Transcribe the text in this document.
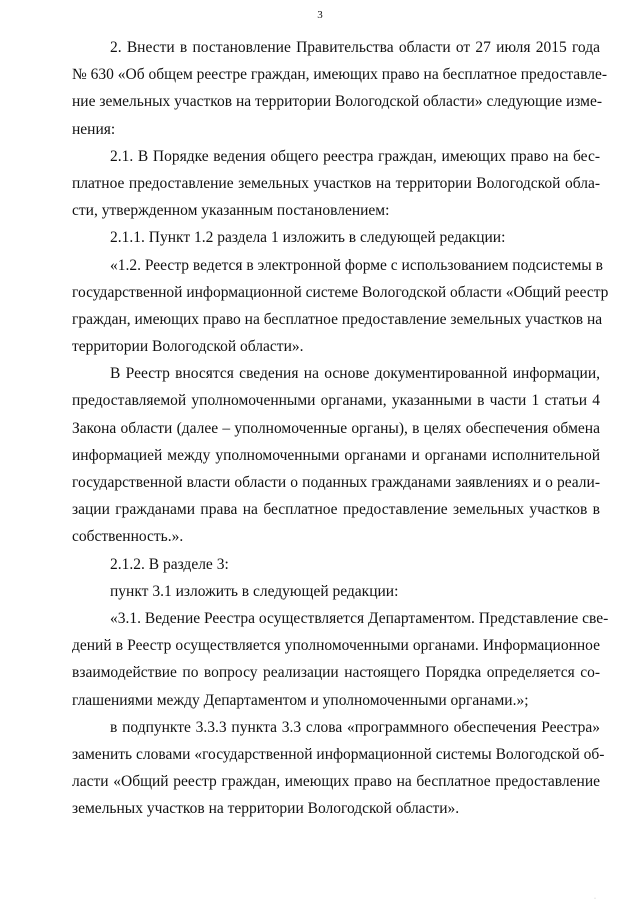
3
2. Внести в постановление Правительства области от 27 июля 2015 года
№ 630 «Об общем реестре граждан, имеющих право на бесплатное предоставле-
ние земельных участков на территории Вологодской области» следующие изме-
нения:
2.1. В Порядке ведения общего реестра граждан, имеющих право на бес-
платное предоставление земельных участков на территории Вологодской обла-
сти, утвержденном указанным постановлением:
2.1.1. Пункт 1.2 раздела 1 изложить в следующей редакции:
«1.2. Реестр ведется в электронной форме с использованием подсистемы в
государственной информационной системе Вологодской области «Общий реестр
граждан, имеющих право на бесплатное предоставление земельных участков на
территории Вологодской области».
В Реестр вносятся сведения на основе документированной информации,
предоставляемой уполномоченными органами, указанными в части 1 статьи 4
Закона области (далее – уполномоченные органы), в целях обеспечения обмена
информацией между уполномоченными органами и органами исполнительной
государственной власти области о поданных гражданами заявлениях и о реали-
зации гражданами права на бесплатное предоставление земельных участков в
собственность.».
2.1.2. В разделе 3:
пункт 3.1 изложить в следующей редакции:
«3.1. Ведение Реестра осуществляется Департаментом. Представление све-
дений в Реестр осуществляется уполномоченными органами. Информационное
взаимодействие по вопросу реализации настоящего Порядка определяется со-
глашениями между Департаментом и уполномоченными органами.»;
в подпункте 3.3.3 пункта 3.3 слова «программного обеспечения Реестра»
заменить словами «государственной информационной системы Вологодской об-
ласти «Общий реестр граждан, имеющих право на бесплатное предоставление
земельных участков на территории Вологодской области».
·
